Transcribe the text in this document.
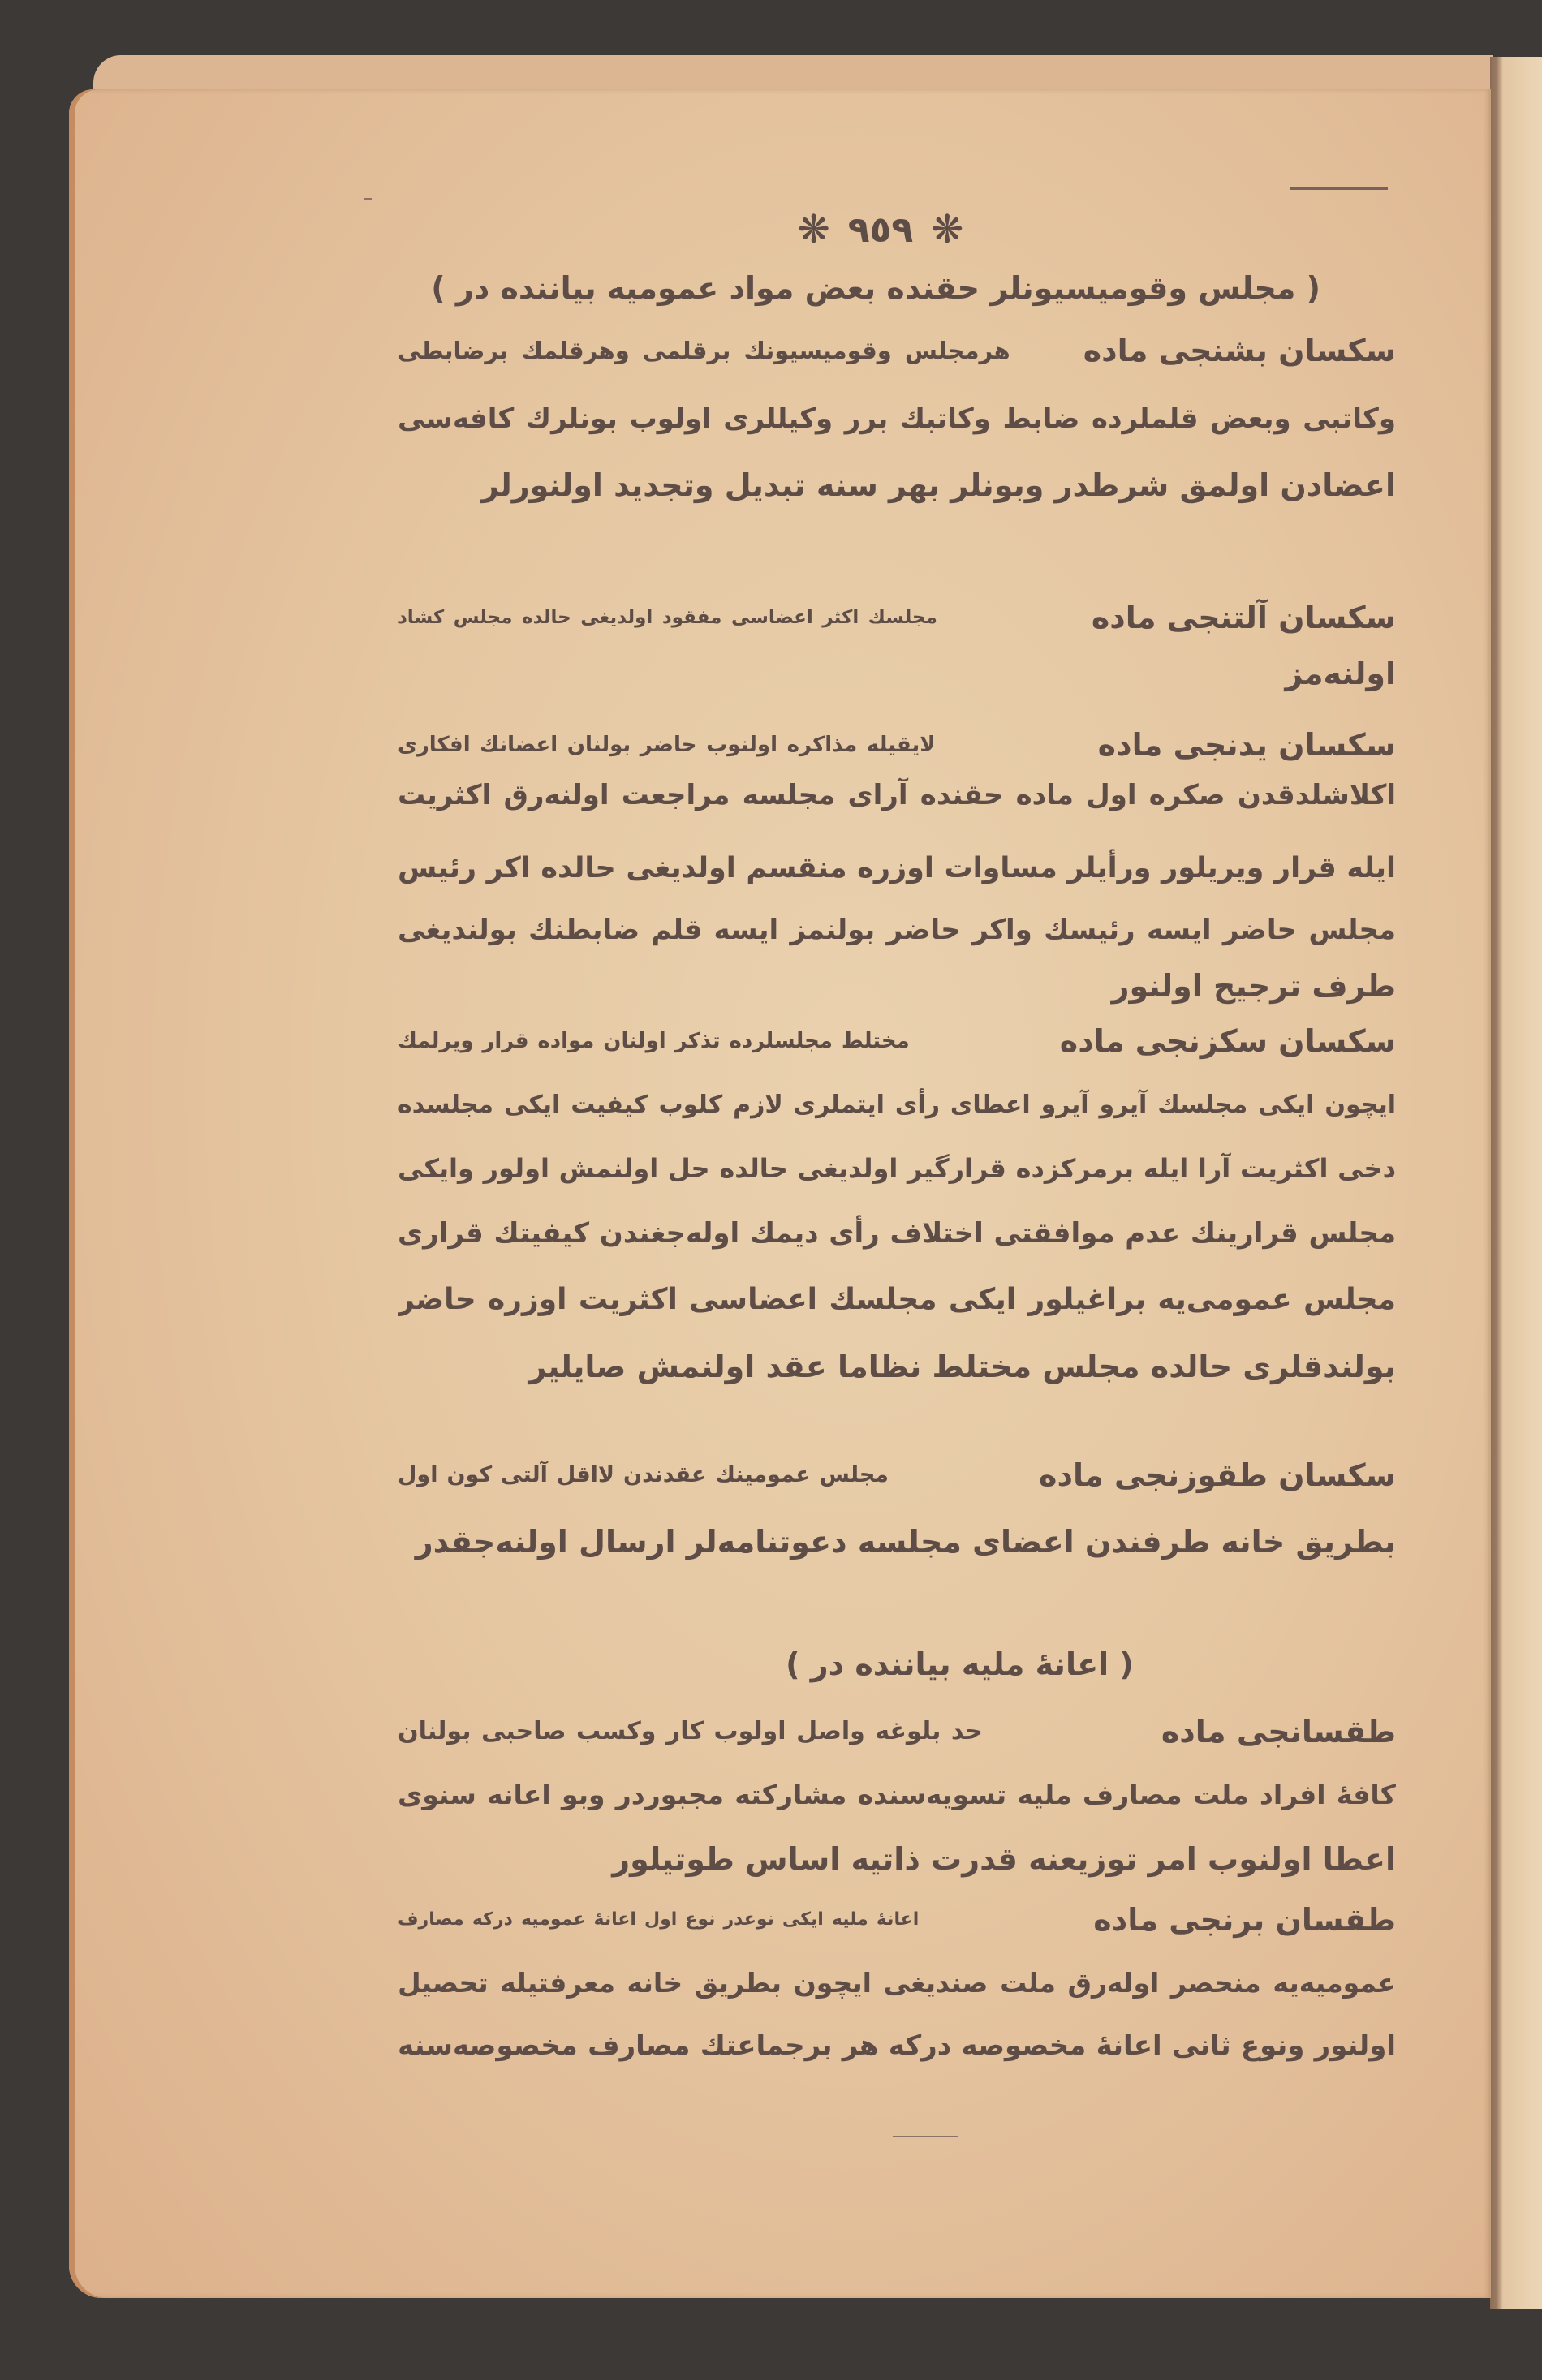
❋ ٩٥٩ ❋
( مجلس وقومیسیونلر حقنده بعض مواد عمومیه بیاننده در )
سکسان بشنجی ماده
هرمجلس وقومیسیونك برقلمی وهرقلمك برضابطی
وکاتبی وبعض قلملرده ضابط وکاتبك برر وکیللری اولوب بونلرك کافه‌سی
اعضادن اولمق شرطدر وبونلر بهر سنه تبدیل وتجدید اولنورلر
سکسان آلتنجی ماده
مجلسك اکثر اعضاسی مفقود اولدیغی حالده مجلس کشاد
اولنه‌مز
سکسان یدنجی ماده
لایقیله مذاکره اولنوب حاضر بولنان اعضانك افکاری
اکلاشلدقدن صکره اول ماده حقنده آرای مجلسه مراجعت اولنه‌رق اکثریت
ایله قرار ویریلور ورأیلر مساوات اوزره منقسم اولدیغی حالده اکر رئیس
مجلس حاضر ایسه رئیسك واکر حاضر بولنمز ایسه قلم ضابطنك بولندیغی
طرف ترجیح اولنور
سکسان سکزنجی ماده
مختلط مجلسلرده تذکر اولنان مواده قرار ویرلمك
ایچون ایکی مجلسك آیرو آیرو اعطای رأی ایتملری لازم کلوب کیفیت ایکی مجلسده
دخی اکثریت آرا ایله برمرکزده قرارگیر اولدیغی حالده حل اولنمش اولور وایکی
مجلس قرارینك عدم موافقتی اختلاف رأی دیمك اوله‌جغندن کیفیتك قراری
مجلس عمومی‌یه براغیلور ایکی مجلسك اعضاسی اکثریت اوزره حاضر
بولندقلری حالده مجلس مختلط نظاما عقد اولنمش صایلیر
سکسان طقوزنجی ماده
مجلس عمومینك عقدندن لااقل آلتی کون اول
بطریق خانه طرفندن اعضای مجلسه دعوتنامه‌لر ارسال اولنه‌جقدر
( اعانهٔ ملیه بیاننده در )
طقسانجی ماده
حد بلوغه واصل اولوب کار وکسب صاحبی بولنان
کافهٔ افراد ملت مصارف ملیه تسویه‌سنده مشارکته مجبوردر وبو اعانه سنوی
اعطا اولنوب امر توزیعنه قدرت ذاتیه اساس طوتیلور
طقسان برنجی ماده
اعانهٔ ملیه ایکی نوعدر نوع اول اعانهٔ عمومیه درکه مصارف
عمومیه‌یه منحصر اوله‌رق ملت صندیغی ایچون بطریق خانه معرفتیله تحصیل
اولنور ونوع ثانی اعانهٔ مخصوصه درکه هر برجماعتك مصارف مخصوصه‌سنه
